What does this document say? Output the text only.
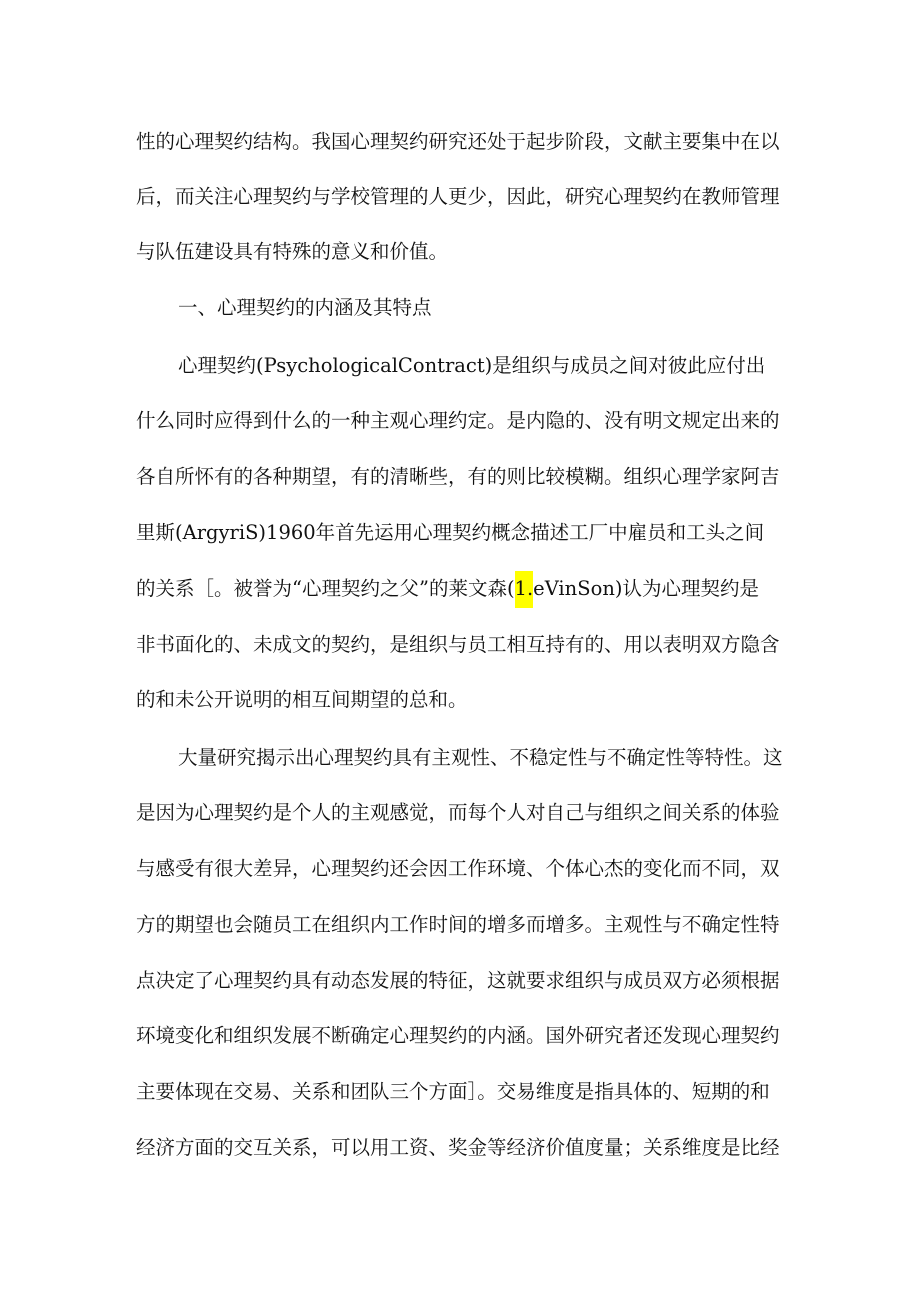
性的心理契约结构。我国心理契约研究还处于起步阶段，文献主要集中在以
后，而关注心理契约与学校管理的人更少，因此，研究心理契约在教师管理
与队伍建设具有特殊的意义和价值。
一、心理契约的内涵及其特点
心理契约(PsychologicalContract)是组织与成员之间对彼此应付出
什么同时应得到什么的一种主观心理约定。是内隐的、没有明文规定出来的
各自所怀有的各种期望，有的清晰些，有的则比较模糊。组织心理学家阿吉
里斯(ArgyriS)1960年首先运用心理契约概念描述工厂中雇员和工头之间
的关系［。被誉为“心理契约之父”的莱文森(1.eVinSon)认为心理契约是
非书面化的、未成文的契约，是组织与员工相互持有的、用以表明双方隐含
的和未公开说明的相互间期望的总和。
大量研究揭示出心理契约具有主观性、不稳定性与不确定性等特性。这
是因为心理契约是个人的主观感觉，而每个人对自己与组织之间关系的体验
与感受有很大差异，心理契约还会因工作环境、个体心杰的变化而不同，双
方的期望也会随员工在组织内工作时间的增多而增多。主观性与不确定性特
点决定了心理契约具有动态发展的特征，这就要求组织与成员双方必须根据
环境变化和组织发展不断确定心理契约的内涵。国外研究者还发现心理契约
主要体现在交易、关系和团队三个方面］。交易维度是指具体的、短期的和
经济方面的交互关系，可以用工资、奖金等经济价值度量；关系维度是比经
